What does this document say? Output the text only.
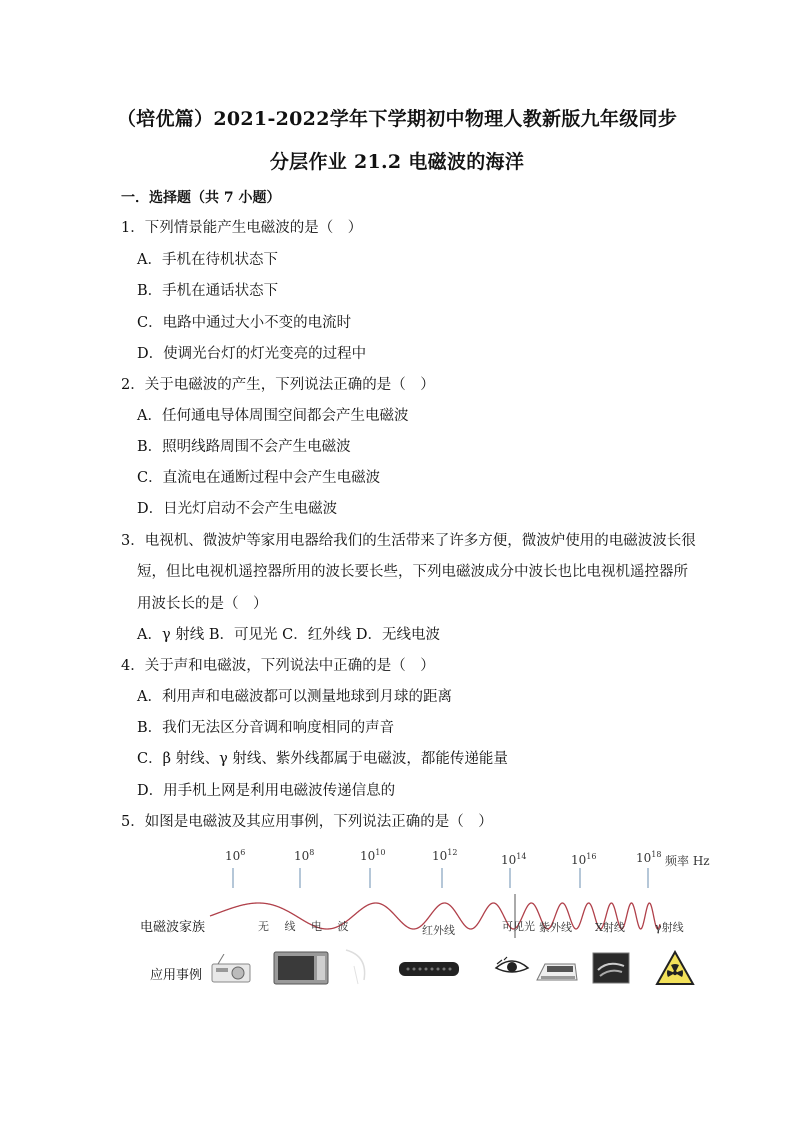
（培优篇）2021-2022学年下学期初中物理人教新版九年级同步
分层作业 21.2 电磁波的海洋
一．选择题（共 7 小题）
1．下列情景能产生电磁波的是（　）
A．手机在待机状态下
B．手机在通话状态下
C．电路中通过大小不变的电流时
D．使调光台灯的灯光变亮的过程中
2．关于电磁波的产生，下列说法正确的是（　）
A．任何通电导体周围空间都会产生电磁波
B．照明线路周围不会产生电磁波
C．直流电在通断过程中会产生电磁波
D．日光灯启动不会产生电磁波
3．电视机、微波炉等家用电器给我们的生活带来了许多方便，微波炉使用的电磁波波长很
短，但比电视机遥控器所用的波长要长些，下列电磁波成分中波长也比电视机遥控器所
用波长长的是（　）
A．γ 射线 B．可见光 C．红外线 D．无线电波
4．关于声和电磁波，下列说法中正确的是（　）
A．利用声和电磁波都可以测量地球到月球的距离
B．我们无法区分音调和响度相同的声音
C．β 射线、γ 射线、紫外线都属于电磁波，都能传递能量
D．用手机上网是利用电磁波传递信息的
5．如图是电磁波及其应用事例，下列说法正确的是（　）
$10^6$	$10^8$	$10^{10}$	$10^{12}$
$10^{14}$	$10^{16}$	$10^{18}$ 频率 Hz
电磁波家族	无 线 电 波	红外线	可见光 紫外线 X射线	γ射线
应用事例
